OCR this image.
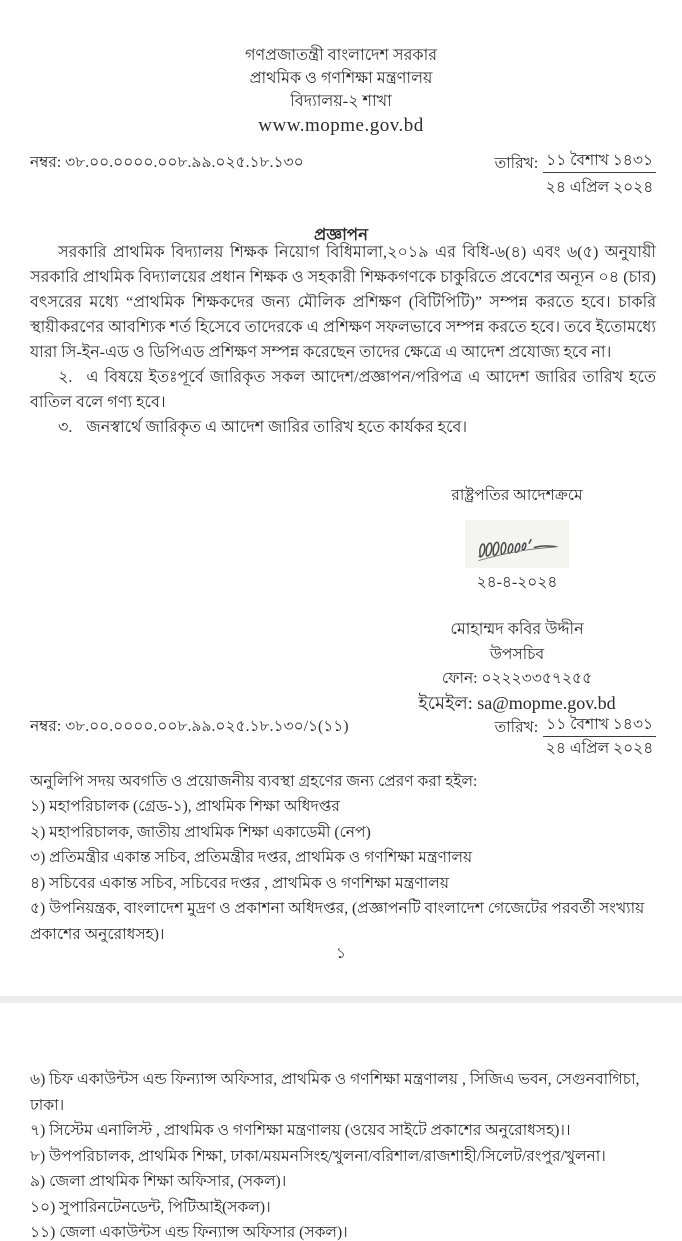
গণপ্রজাতন্ত্রী বাংলাদেশ সরকার
প্রাথমিক ও গণশিক্ষা মন্ত্রণালয়
বিদ্যালয়-২ শাখা
www.mopme.gov.bd
নম্বর: ৩৮.০০.০০০০.০০৮.৯৯.০২৫.১৮.১৩০	তারিখ: ১১ বৈশাখ ১৪৩১
২৪ এপ্রিল ২০২৪
প্রজ্ঞাপন

সরকারি প্রাথমিক বিদ্যালয় শিক্ষক নিয়োগ বিধিমালা,২০১৯ এর বিধি-৬(৪) এবং ৬(৫) অনুযায়ী সরকারি প্রাথমিক বিদ্যালয়ের প্রধান শিক্ষক ও সহকারী শিক্ষকগণকে চাকুরিতে প্রবেশের অন্যূন ০৪ (চার) বৎসরের মধ্যে “প্রাথমিক শিক্ষকদের জন্য মৌলিক প্রশিক্ষণ (বিটিপিটি)” সম্পন্ন করতে হবে। চাকরি স্থায়ীকরণের আবশ্যিক শর্ত হিসেবে তাদেরকে এ প্রশিক্ষণ সফলভাবে সম্পন্ন করতে হবে। তবে ইতোমধ্যে যারা সি-ইন-এড ও ডিপিএড প্রশিক্ষণ সম্পন্ন করেছেন তাদের ক্ষেত্রে এ আদেশ প্রযোজ্য হবে না।

২. এ বিষয়ে ইতঃপূর্বে জারিকৃত সকল আদেশ/প্রজ্ঞাপন/পরিপত্র এ আদেশ জারির তারিখ হতে বাতিল বলে গণ্য হবে।

৩. জনস্বার্থে জারিকৃত এ আদেশ জারির তারিখ হতে কার্যকর হবে।

রাষ্ট্রপতির আদেশক্রমে
২৪-৪-২০২৪
মোহাম্মদ কবির উদ্দীন
উপসচিব
ফোন: ০২২২৩৩৫৭২৫৫
ইমেইল: sa@mopme.gov.bd
নম্বর: ৩৮.০০.০০০০.০০৮.৯৯.০২৫.১৮.১৩০/১(১১)	তারিখ: ১১ বৈশাখ ১৪৩১
২৪ এপ্রিল ২০২৪

অনুলিপি সদয় অবগতি ও প্রয়োজনীয় ব্যবস্থা গ্রহণের জন্য প্রেরণ করা হইল:

১) মহাপরিচালক (গ্রেড-১), প্রাথমিক শিক্ষা অধিদপ্তর

২) মহাপরিচালক, জাতীয় প্রাথমিক শিক্ষা একাডেমী (নেপ)

৩) প্রতিমন্ত্রীর একান্ত সচিব, প্রতিমন্ত্রীর দপ্তর, প্রাথমিক ও গণশিক্ষা মন্ত্রণালয়

৪) সচিবের একান্ত সচিব, সচিবের দপ্তর , প্রাথমিক ও গণশিক্ষা মন্ত্রণালয়

৫) উপনিয়ন্ত্রক, বাংলাদেশ মুদ্রণ ও প্রকাশনা অধিদপ্তর, (প্রজ্ঞাপনটি বাংলাদেশ গেজেটের পরবর্তী সংখ্যায় প্রকাশের অনুরোধসহ)।

১

৬) চিফ একাউন্টস এন্ড ফিন্যান্স অফিসার, প্রাথমিক ও গণশিক্ষা মন্ত্রণালয় , সিজিএ ভবন, সেগুনবাগিচা, ঢাকা।

৭) সিস্টেম এনালিস্ট , প্রাথমিক ও গণশিক্ষা মন্ত্রণালয় (ওয়েব সাইটে প্রকাশের অনুরোধসহ)।।

৮) উপপরিচালক, প্রাথমিক শিক্ষা, ঢাকা/ময়মনসিংহ/খুলনা/বরিশাল/রাজশাহী/সিলেট/রংপুর/খুলনা।

৯) জেলা প্রাথমিক শিক্ষা অফিসার, (সকল)।

১০) সুপারিনটেনডেন্ট, পিটিআই(সকল)।

১১) জেলা একাউন্টস এন্ড ফিন্যান্স অফিসার (সকল)।
